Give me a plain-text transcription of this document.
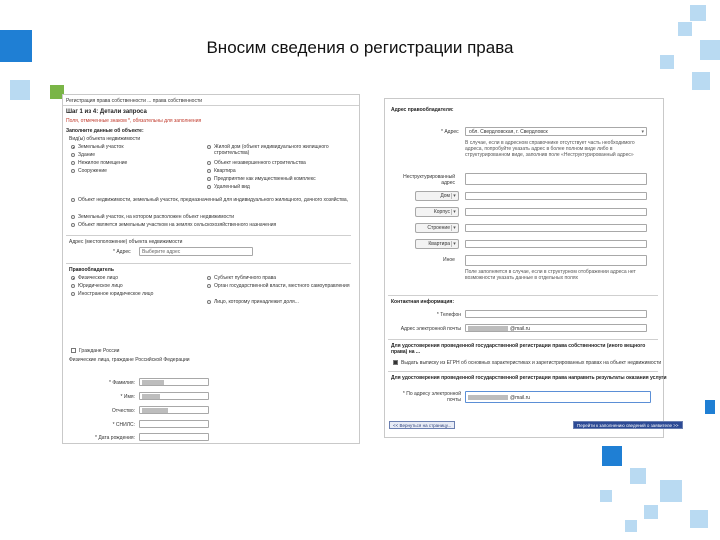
Вносим сведения о регистрации права
Регистрация права собственности ... права собственности
Шаг 1 из 4: Детали запроса
Поля, отмеченные знаком *, обязательны для заполнения
Заполните данные об объекте:
Вид(ы) объекта недвижимости
Земельный участок
Здание
Нежилое помещение
Сооружение
Жилой дом (объект индивидуального жилищного строительства)
Объект незавершенного строительства
Квартира
Предприятие как имущественный комплекс
Удаленный вид
Объект недвижимости, земельный участок, предназначенный для индивидуального жилищного, дачного хозяйства,
Земельный участок, на котором расположен объект недвижимости
Объект является земельным участком на землях сельскохозяйственного назначения
Адрес (местоположение) объекта недвижимости
* Адрес Выберите адрес
Правообладатель
Физическое лицо
Юридическое лицо
Иностранное юридическое лицо
Субъект публичного права
Орган государственной власти, местного самоуправления
Лицо, которому принадлежит доля...
Граждане России
Физические лица, граждане Российской Федерации
* Фамилия:
* Имя:
Отчество:
* СНИЛС:
* Дата рождения:
Адрес правообладателя:
* Адрес обл. Свердловская, г. Свердловск	▾
В случае, если в адресном справочнике отсутствует часть необходимого адреса, попробуйте указать адрес в более полном виде либо в структурированном виде, заполнив поле «Неструктурированный адрес»
Неструктурированный адрес
Дом ▾
Корпус ▾
Строение ▾
Квартира ▾
Иное
Поле заполняется в случае, если в структурном отображении адреса нет возможности указать данные в отдельных полях
Контактная информация:
* Телефон
Адрес электронной почты	@mail.ru
Для удостоверения проведенной государственной регистрации права собственности (иного вещного права) на ...
Выдать выписку из ЕГРН об основных характеристиках и зарегистрированных правах на объект недвижимости
Для удостоверения проведенной государственной регистрации права направить результаты оказания услуги
* По адресу электронной почты	@mail.ru
<< Вернуться на страницу...	Перейти к заполнению сведений о заявителе >>
